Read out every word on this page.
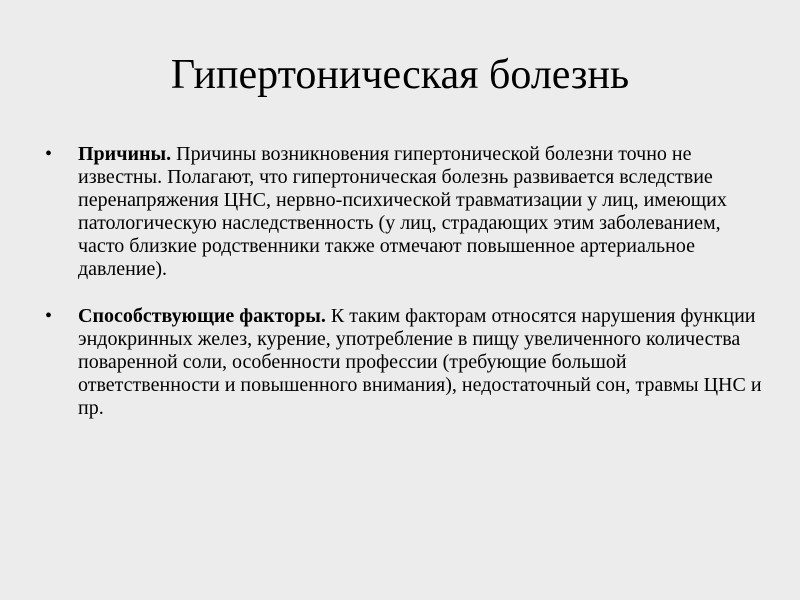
Гипертоническая болезнь
•	Причины. Причины возникновения гипертонической болезни точно не известны. Полагают, что гипертоническая болезнь развивается вследствие перенапряжения ЦНС, нервно-психической травматизации у лиц, имеющих патологическую наследственность (у лиц, страдающих этим заболеванием, часто близкие родственники также отмечают повышенное артериальное давление).
•	Способствующие факторы. К таким факторам относятся нарушения функции эндокринных желез, курение, употребление в пищу увеличенного количества поваренной соли, особенности профессии (требующие большой ответственности и повышенного внимания), недостаточный сон, травмы ЦНС и пр.
